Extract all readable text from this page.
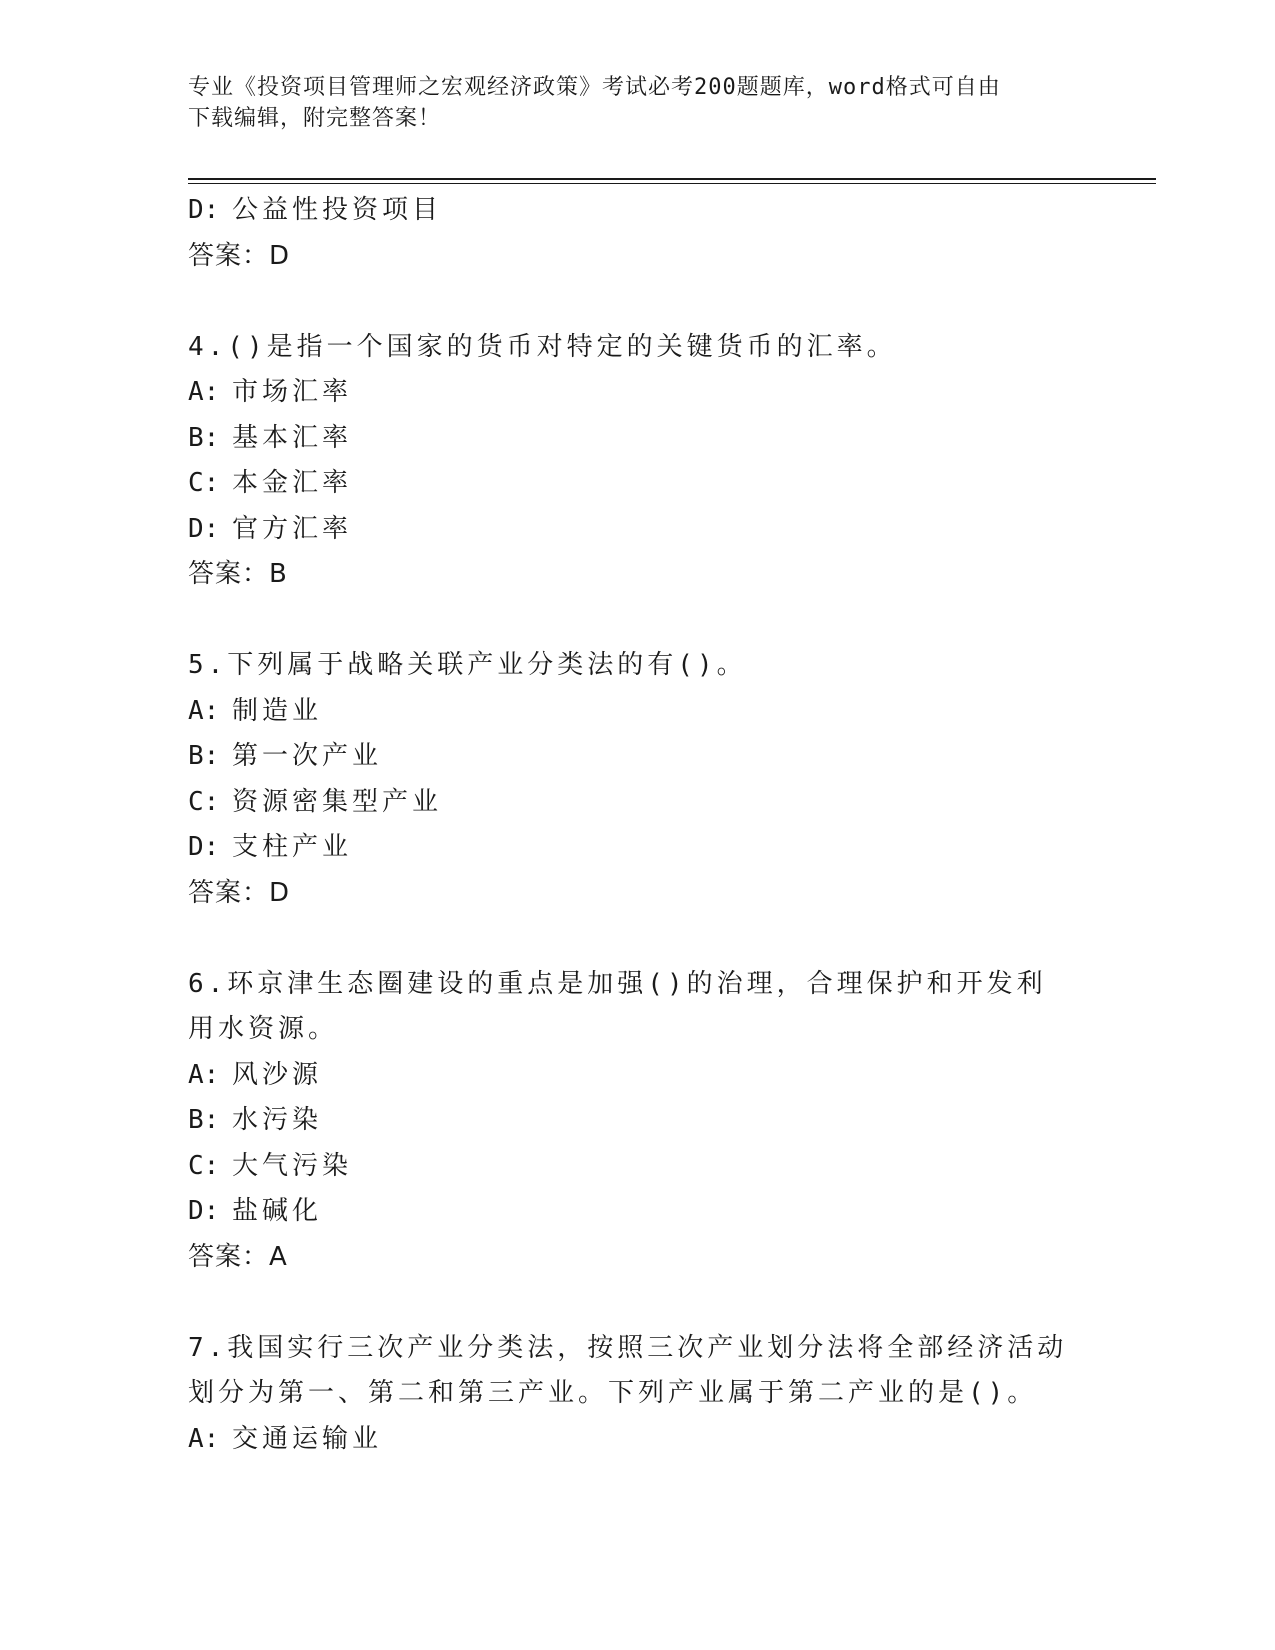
专业《投资项目管理师之宏观经济政策》考试必考200题题库，word格式可自由
下载编辑，附完整答案！
D: 公益性投资项目
答案：D
4.()是指一个国家的货币对特定的关键货币的汇率。
A: 市场汇率
B: 基本汇率
C: 本金汇率
D: 官方汇率
答案：B
5.下列属于战略关联产业分类法的有()。
A: 制造业
B: 第一次产业
C: 资源密集型产业
D: 支柱产业
答案：D
6.环京津生态圈建设的重点是加强()的治理，合理保护和开发利用水资源。
A: 风沙源
B: 水污染
C: 大气污染
D: 盐碱化
答案：A
7.我国实行三次产业分类法，按照三次产业划分法将全部经济活动划分为第一、第二和第三产业。下列产业属于第二产业的是()。
A: 交通运输业
